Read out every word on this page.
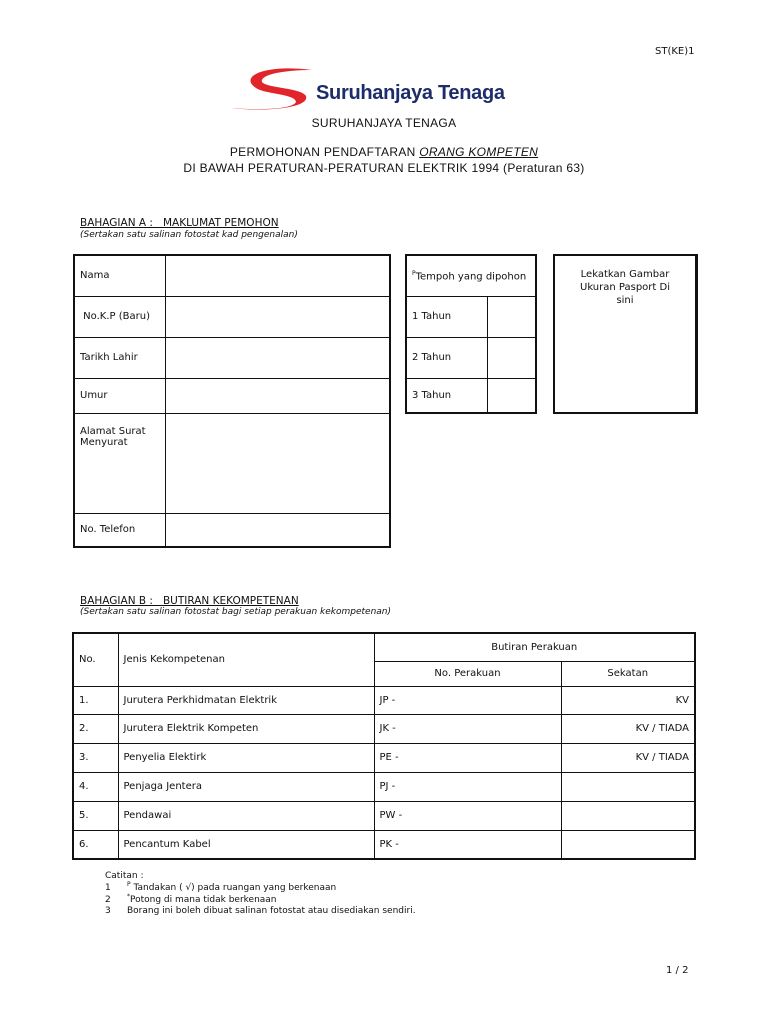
ST(KE)1
Suruhanjaya Tenaga
SURUHANJAYA TENAGA
PERMOHONAN PENDAFTARAN ORANG KOMPETEN
DI BAWAH PERATURAN-PERATURAN ELEKTRIK 1994 (Peraturan 63)
BAHAGIAN A :   MAKLUMAT PEMOHON
(Sertakan satu salinan fotostat kad pengenalan)
Nama	
No.K.P (Baru)	
Tarikh Lahir	
Umur	
Alamat Surat Menyurat	
No. Telefon	
$^P$Tempoh yang dipohon	
1 Tahun	
2 Tahun	
3 Tahun	
Lekatkan Gambar Ukuran Pasport Di sini
BAHAGIAN B :   BUTIRAN KEKOMPETENAN
(Sertakan satu salinan fotostat bagi setiap perakuan kekompetenan)
No.	Jenis Kekompetenan	Butiran Perakuan	
		No. Perakuan	Sekatan
1.	Jurutera Perkhidmatan Elektrik	JP -	KV
2.	Jurutera Elektrik Kompeten	JK -	KV / TIADA
3.	Penyelia Elektirk	PE -	KV / TIADA
4.	Penjaga Jentera	PJ -	
5.	Pendawai	PW -	
6.	Pencantum Kabel	PK -	
Catitan :
1	$^P$ Tandakan ( √) pada ruangan yang berkenaan
2	*Potong di mana tidak berkenaan
3 Borang ini boleh dibuat salinan fotostat atau disediakan sendiri.
1 / 2
